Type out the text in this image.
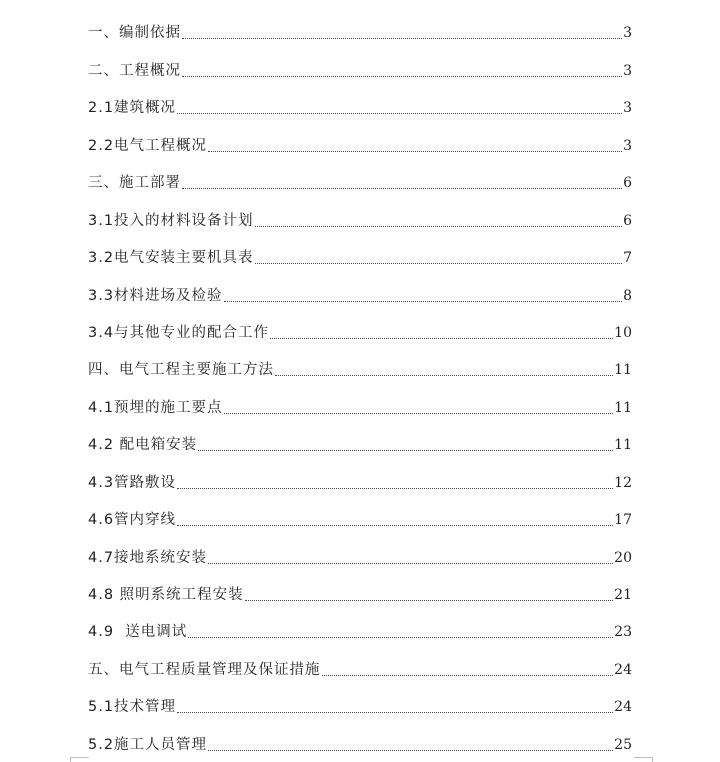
一、编制依据	3
二、工程概况	3
2.1建筑概况	3
2.2电气工程概况	3
三、施工部署	6
3.1投入的材料设备计划	6
3.2电气安装主要机具表	7
3.3材料进场及检验	8
3.4与其他专业的配合工作	10
四、电气工程主要施工方法	11
4.1预埋的施工要点	11
4.2 配电箱安装	11
4.3管路敷设	12
4.6管内穿线	17
4.7接地系统安装	20
4.8 照明系统工程安装	21
4.9  送电调试	23
五、电气工程质量管理及保证措施	24
5.1技术管理	24
5.2施工人员管理	25
